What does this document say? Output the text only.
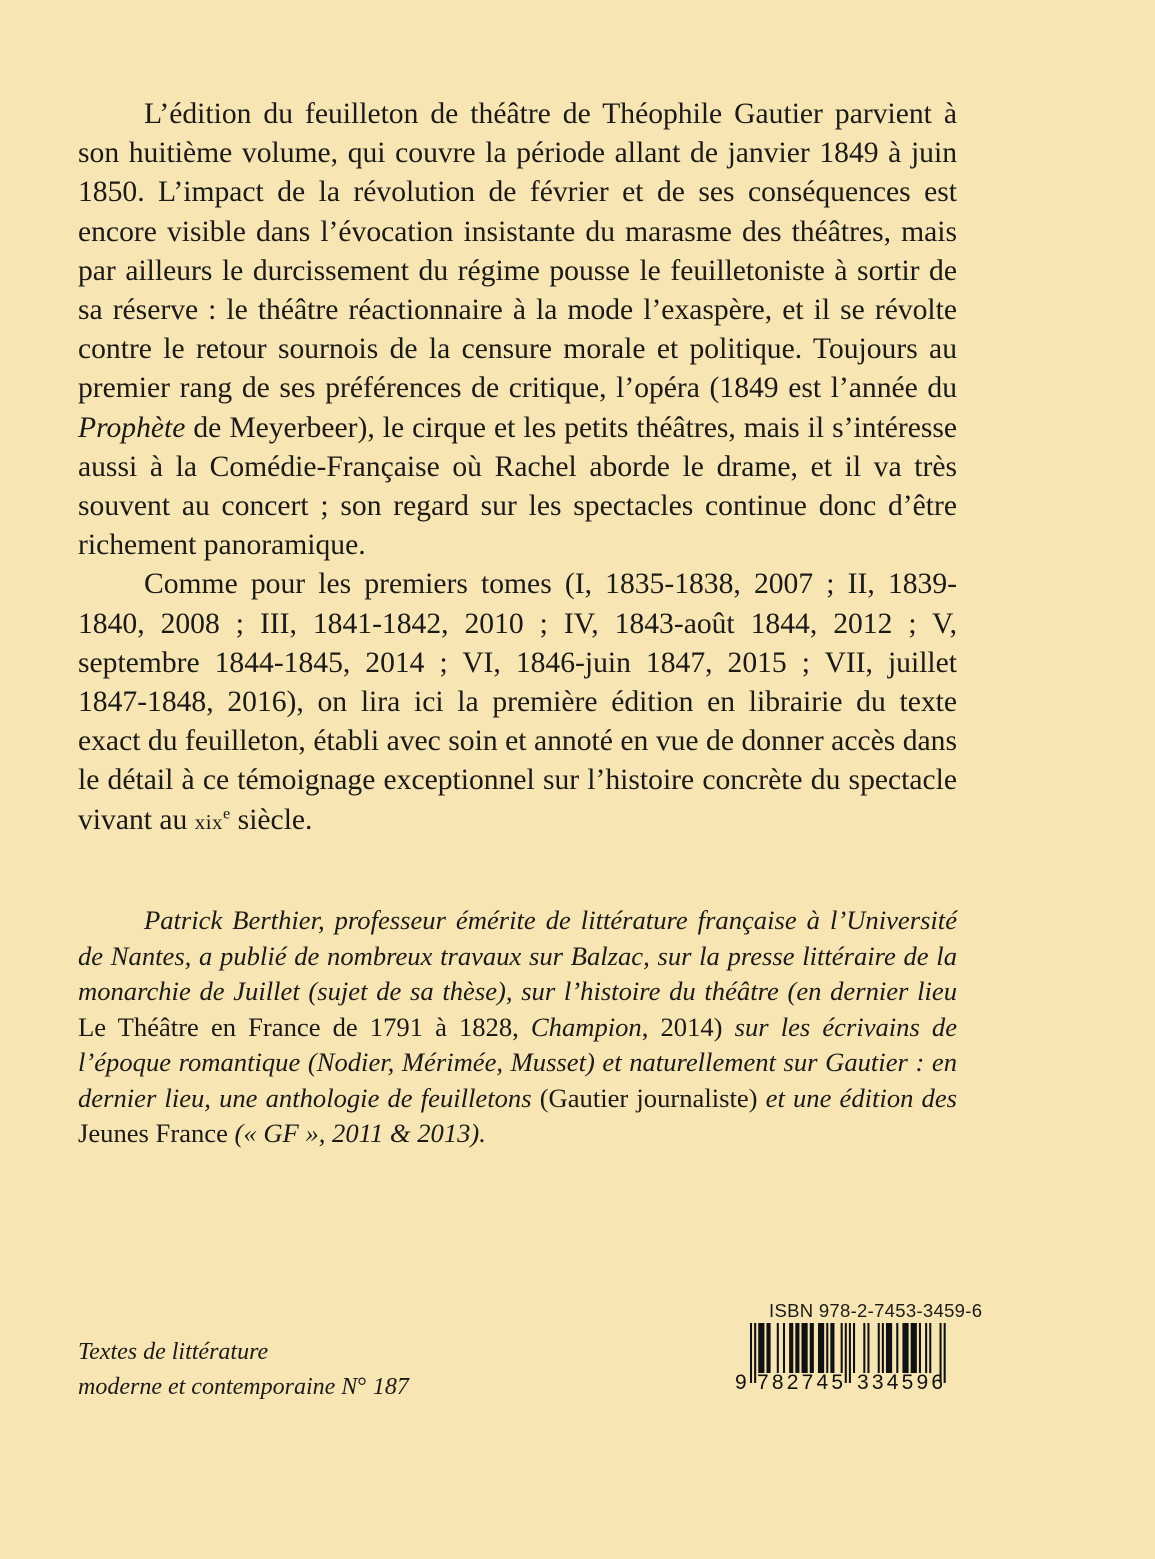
L’édition du feuilleton de théâtre de Théophile Gautier parvient à son huitième volume, qui couvre la période allant de janvier 1849 à juin 1850. L’impact de la révolution de février et de ses conséquences est encore visible dans l’évocation insistante du marasme des théâtres, mais par ailleurs le durcissement du régime pousse le feuilletoniste à sortir de sa réserve : le théâtre réactionnaire à la mode l’exaspère, et il se révolte contre le retour sournois de la censure morale et politique. Toujours au premier rang de ses préférences de critique, l’opéra (1849 est l’année du Prophète de Meyerbeer), le cirque et les petits théâtres, mais il s’intéresse aussi à la Comédie-Française où Rachel aborde le drame, et il va très souvent au concert ; son regard sur les spectacles continue donc d’être richement panoramique.

Comme pour les premiers tomes (I, 1835-1838, 2007 ; II, 1839-1840, 2008 ; III, 1841-1842, 2010 ; IV, 1843-août 1844, 2012 ; V, septembre 1844-1845, 2014 ; VI, 1846-juin 1847, 2015 ; VII, juillet 1847-1848, 2016), on lira ici la première édition en librairie du texte exact du feuilleton, établi avec soin et annoté en vue de donner accès dans le détail à ce témoignage exceptionnel sur l’histoire concrète du spectacle vivant au xix$^e$ siècle.

Patrick Berthier, professeur émérite de littérature française à l’Université de Nantes, a publié de nombreux travaux sur Balzac, sur la presse littéraire de la monarchie de Juillet (sujet de sa thèse), sur l’histoire du théâtre (en dernier lieu Le Théâtre en France de 1791 à 1828, Champion, 2014) sur les écrivains de l’époque romantique (Nodier, Mérimée, Musset) et naturellement sur Gautier : en dernier lieu, une anthologie de feuilletons (Gautier journaliste) et une édition des Jeunes France (« GF », 2011 & 2013).
Textes de littérature
moderne et contemporaine N° 187
ISBN 978-2-7453-3459-6
9 782745 334596
